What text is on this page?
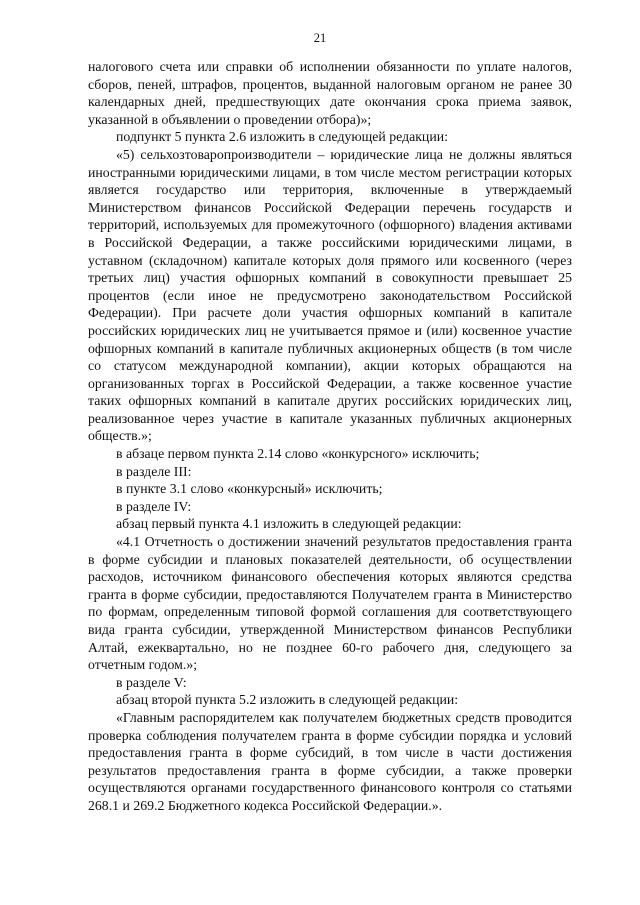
21

налогового счета или справки об исполнении обязанности по уплате налогов, сборов, пеней, штрафов, процентов, выданной налоговым органом не ранее 30 календарных дней, предшествующих дате окончания срока приема заявок, указанной в объявлении о проведении отбора)»;

подпункт 5 пункта 2.6 изложить в следующей редакции:

«5) сельхозтоваропроизводители – юридические лица не должны являться иностранными юридическими лицами, в том числе местом регистрации которых является государство или территория, включенные в утверждаемый Министерством финансов Российской Федерации перечень государств и территорий, используемых для промежуточного (офшорного) владения активами в Российской Федерации, а также российскими юридическими лицами, в уставном (складочном) капитале которых доля прямого или косвенного (через третьих лиц) участия офшорных компаний в совокупности превышает 25 процентов (если иное не предусмотрено законодательством Российской Федерации). При расчете доли участия офшорных компаний в капитале российских юридических лиц не учитывается прямое и (или) косвенное участие офшорных компаний в капитале публичных акционерных обществ (в том числе со статусом международной компании), акции которых обращаются на организованных торгах в Российской Федерации, а также косвенное участие таких офшорных компаний в капитале других российских юридических лиц, реализованное через участие в капитале указанных публичных акционерных обществ.»;

в абзаце первом пункта 2.14 слово «конкурсного» исключить;

в разделе III:

в пункте 3.1 слово «конкурсный» исключить;

в разделе IV:

абзац первый пункта 4.1 изложить в следующей редакции:

«4.1 Отчетность о достижении значений результатов предоставления гранта в форме субсидии и плановых показателей деятельности, об осуществлении расходов, источником финансового обеспечения которых являются средства гранта в форме субсидии, предоставляются Получателем гранта в Министерство по формам, определенным типовой формой соглашения для соответствующего вида гранта субсидии, утвержденной Министерством финансов Республики Алтай, ежеквартально, но не позднее 60-го рабочего дня, следующего за отчетным годом.»;

в разделе V:

абзац второй пункта 5.2 изложить в следующей редакции:

«Главным распорядителем как получателем бюджетных средств проводится проверка соблюдения получателем гранта в форме субсидии порядка и условий предоставления гранта в форме субсидий, в том числе в части достижения результатов предоставления гранта в форме субсидии, а также проверки осуществляются органами государственного финансового контроля со статьями 268.1 и 269.2 Бюджетного кодекса Российской Федерации.».
